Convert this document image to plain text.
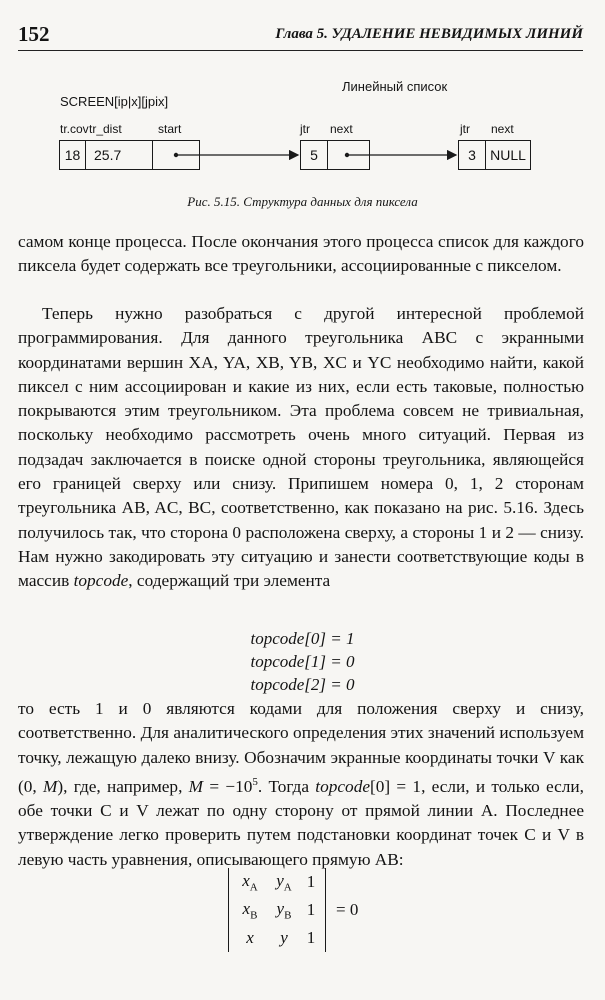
152	Глава 5. УДАЛЕНИЕ НЕВИДИМЫХ ЛИНИЙ
SCREEN[ip|x][jpix]
Линейный список
tr.cov tr_dist	start	jtr next	jtr next
18 25.7	5	3	NULL
Рис. 5.15. Структура данных для пиксела

самом конце процесса. После окончания этого процесса список для каждого пиксела будет содержать все треугольники, ассоциированные с пикселом.

Теперь нужно разобраться с другой интересной проблемой программирования. Для данного треугольника ABC с экранными координатами вершин XA, YA, XB, YB, XC и YC необходимо найти, какой пиксел с ним ассоциирован и какие из них, если есть таковые, полностью покрываются этим треугольником. Эта проблема совсем не тривиальная, поскольку необходимо рассмотреть очень много ситуаций. Первая из подзадач заключается в поиске одной стороны треугольника, являющейся его границей сверху или снизу. Припишем номера 0, 1, 2 сторонам треугольника AB, AC, BC, соответственно, как показано на рис. 5.16. Здесь получилось так, что сторона 0 расположена сверху, а стороны 1 и 2 — снизу. Нам нужно закодировать эту ситуацию и занести соответствующие коды в массив topcode, содержащий три элемента

topcode[0] = 1
topcode[1] = 0
topcode[2] = 0

то есть 1 и 0 являются кодами для положения сверху и снизу, соответственно. Для аналитического определения этих значений используем точку, лежащую далеко внизу. Обозначим экранные координаты точки V как (0, M), где, например, $M = -10^5$. Тогда topcode[0] = 1, если, и только если, обе точки C и V лежат по одну сторону от прямой линии A. Последнее утверждение легко проверить путем подстановки координат точек C и V в левую часть уравнения, описывающего прямую AB:

$x_A$	$y_A$ 1
$x_B$	$y_B$ 1
x	y	1
= 0
